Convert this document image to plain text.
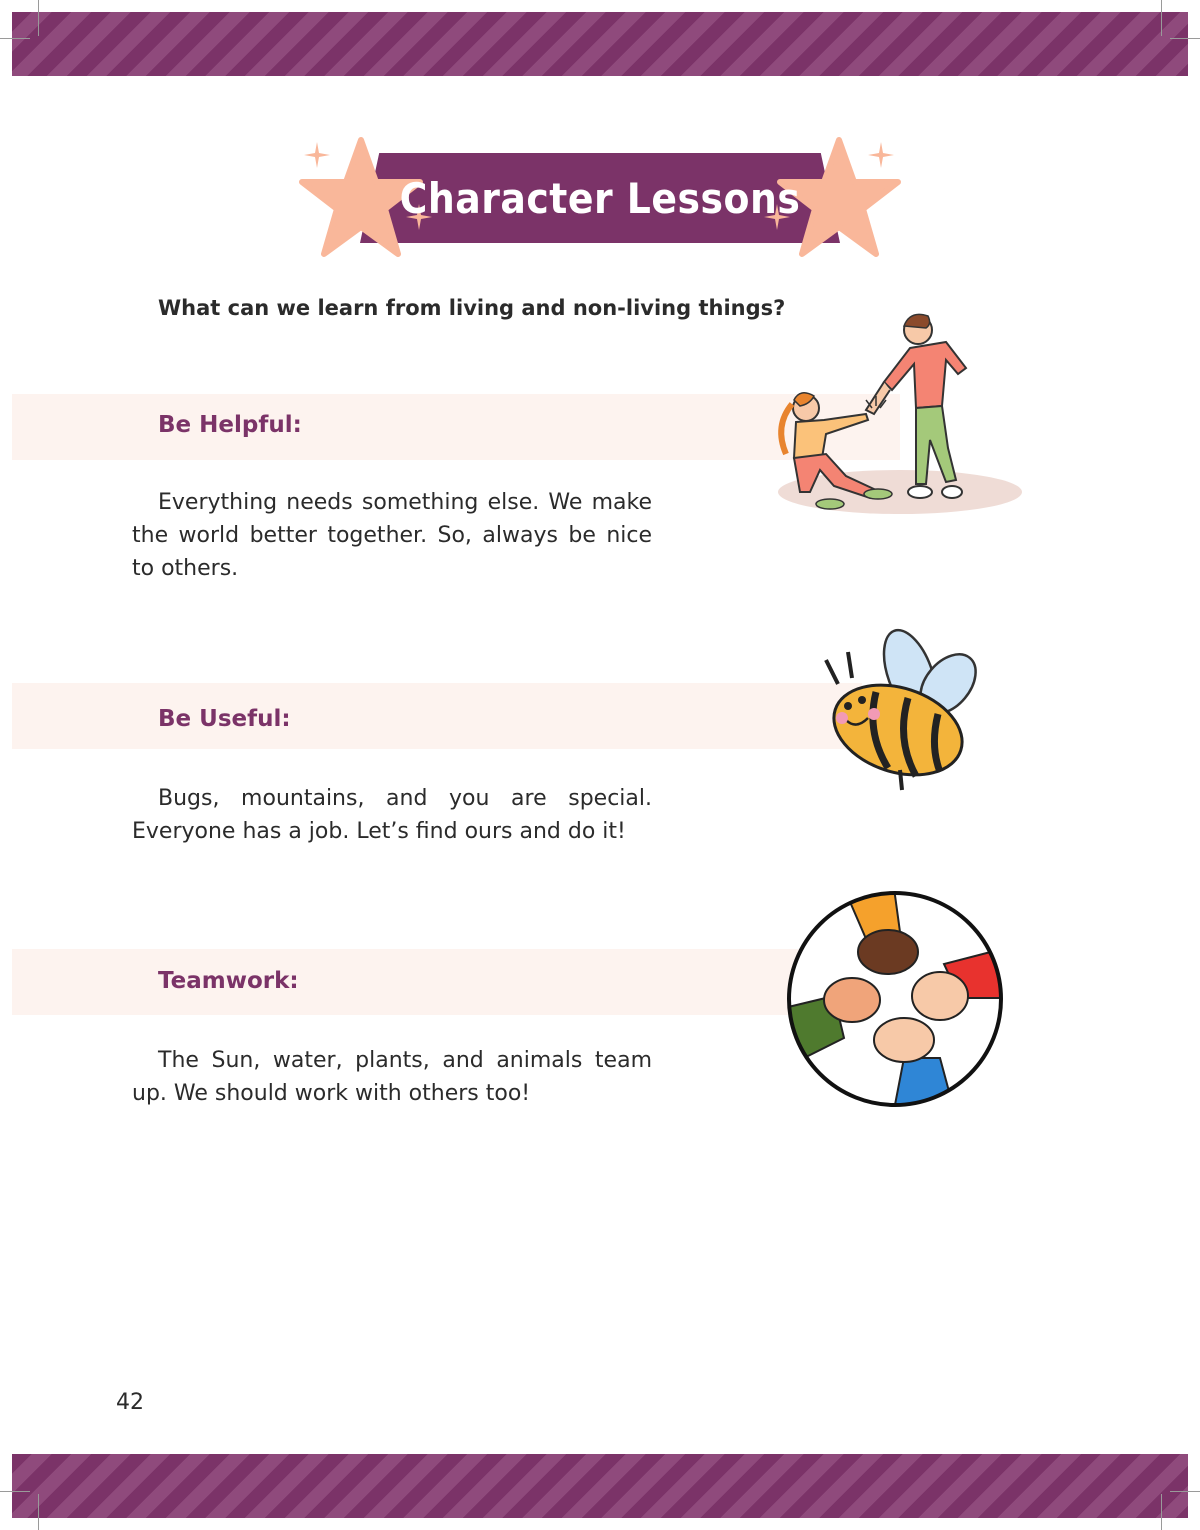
Character Lessons
What can we learn from living and non-living things?
Be Helpful:
Everything needs something else. We make the world better together. So, always be nice to others.
Be Useful:
Bugs, mountains, and you are special. Everyone has a job. Let’s find ours and do it!
Teamwork:
The Sun, water, plants, and animals team up. We should work with others too!
42
